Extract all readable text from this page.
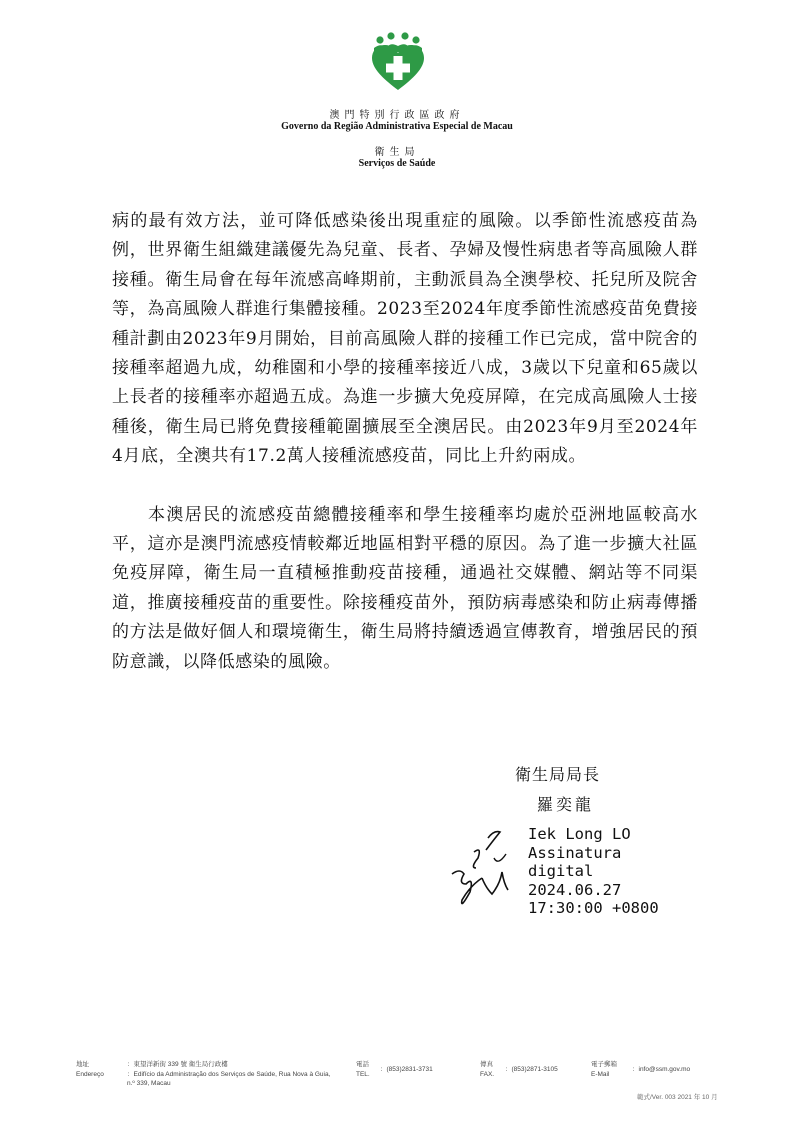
澳門特別行政區政府
Governo da Região Administrativa Especial de Macau
衛生局
Serviços de Saúde

病的最有效方法，並可降低感染後出現重症的風險。以季節性流感疫苗為例，世界衛生組織建議優先為兒童、長者、孕婦及慢性病患者等高風險人群接種。衛生局會在每年流感高峰期前，主動派員為全澳學校、托兒所及院舍等，為高風險人群進行集體接種。2023至2024年度季節性流感疫苗免費接種計劃由2023年9月開始，目前高風險人群的接種工作已完成，當中院舍的接種率超過九成，幼稚園和小學的接種率接近八成，3歲以下兒童和65歲以上長者的接種率亦超過五成。為進一步擴大免疫屏障，在完成高風險人士接種後，衛生局已將免費接種範圍擴展至全澳居民。由2023年9月至2024年4月底，全澳共有17.2萬人接種流感疫苗，同比上升約兩成。

本澳居民的流感疫苗總體接種率和學生接種率均處於亞洲地區較高水平，這亦是澳門流感疫情較鄰近地區相對平穩的原因。為了進一步擴大社區免疫屏障，衛生局一直積極推動疫苗接種，通過社交媒體、網站等不同渠道，推廣接種疫苗的重要性。除接種疫苗外，預防病毒感染和防止病毒傳播的方法是做好個人和環境衛生，衛生局將持續透過宣傳教育，增強居民的預防意識，以降低感染的風險。

衛生局局長
羅奕龍
Iek Long LO
Assinatura
digital
2024.06.27
17:30:00 +0800
地址
Endereço
：東望洋新街 339 號 衛生局行政樓
：Edifício da Administração dos Serviços de Saúde, Rua Nova à Guia, n.º 339, Macau
電話
TEL.
：(853)2831-3731
傳真
FAX.
：(853)2871-3105
電子郵箱
E-Mail
：info@ssm.gov.mo
範式/Ver. 003 2021 年 10 月
